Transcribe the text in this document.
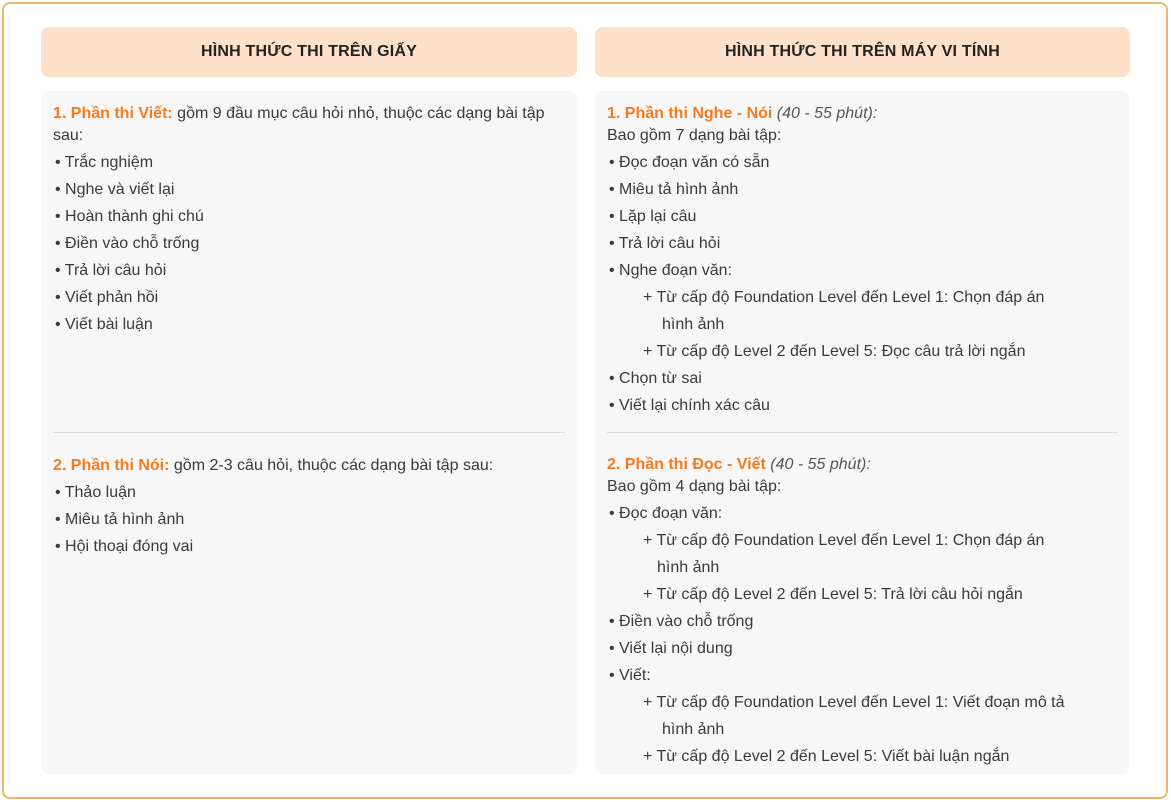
HÌNH THỨC THI TRÊN GIẤY	HÌNH THỨC THI TRÊN MÁY VI TÍNH
1. Phần thi Viết: gồm 9 đầu mục câu hỏi nhỏ, thuộc các dạng bài tập sau:
• Trắc nghiệm
• Nghe và viết lại
• Hoàn thành ghi chú
• Điền vào chỗ trống
• Trả lời câu hỏi
• Viết phản hồi
• Viết bài luận
2. Phần thi Nói: gồm 2-3 câu hỏi, thuộc các dạng bài tập sau:
• Thảo luận
• Miêu tả hình ảnh
• Hội thoại đóng vai
1. Phần thi Nghe - Nói (40 - 55 phút):
Bao gồm 7 dạng bài tập:
• Đọc đoạn văn có sẵn
• Miêu tả hình ảnh
• Lặp lại câu
• Trả lời câu hỏi
• Nghe đoạn văn:
+ Từ cấp độ Foundation Level đến Level 1: Chọn đáp án
hình ảnh
+ Từ cấp độ Level 2 đến Level 5: Đọc câu trả lời ngắn
• Chọn từ sai
• Viết lại chính xác câu
2. Phần thi Đọc - Viết (40 - 55 phút):
Bao gồm 4 dạng bài tập:
• Đọc đoạn văn:
+ Từ cấp độ Foundation Level đến Level 1: Chọn đáp án
hình ảnh
+ Từ cấp độ Level 2 đến Level 5: Trả lời câu hỏi ngắn
• Điền vào chỗ trống
• Viết lại nội dung
• Viết:
+ Từ cấp độ Foundation Level đến Level 1: Viết đoạn mô tả
hình ảnh
+ Từ cấp độ Level 2 đến Level 5: Viết bài luận ngắn
